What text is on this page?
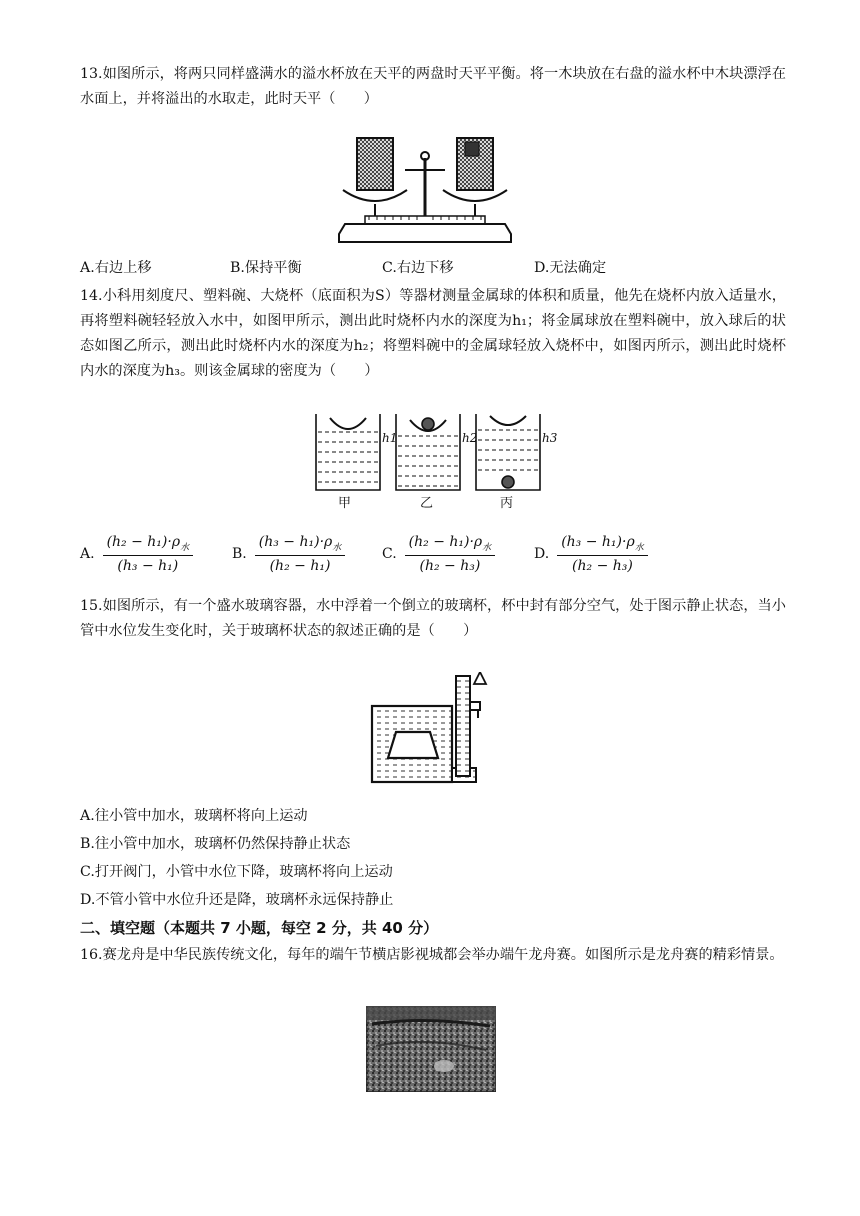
13.如图所示，将两只同样盛满水的溢水杯放在天平的两盘时天平平衡。将一木块放在右盘的溢水杯中木块漂浮在水面上，并将溢出的水取走，此时天平（　　）

A.右边上移	B.保持平衡	C.右边下移	D.无法确定

14.小科用刻度尺、塑料碗、大烧杯（底面积为S）等器材测量金属球的体积和质量，他先在烧杯内放入适量水，再将塑料碗轻轻放入水中，如图甲所示，测出此时烧杯内水的深度为h₁；将金属球放在塑料碗中，放入球后的状态如图乙所示，测出此时烧杯内水的深度为h₂；将塑料碗中的金属球轻放入烧杯中，如图丙所示，测出此时烧杯内水的深度为h₃。则该金属球的密度为（　　）

h1	h2	h3
甲	乙	丙
A. $\frac{(h_2 - h_1)\cdot\rho_水}{\text{(h₃ − h₁)}}$	B. $\frac{(h_3 - h_1)\cdot\rho_水}{\text{(h₂ − h₁)}}$	C. $\frac{(h_2 - h_1)\cdot\rho_水}{\text{(h₂ − h₃)}}$	D. $\frac{(h_3 - h_1)\cdot\rho_水}{\text{(h₂ − h₃)}}$

15.如图所示，有一个盛水玻璃容器，水中浮着一个倒立的玻璃杯，杯中封有部分空气，处于图示静止状态，当小管中水位发生变化时，关于玻璃杯状态的叙述正确的是（　　）

A.往小管中加水，玻璃杯将向上运动
B.往小管中加水，玻璃杯仍然保持静止状态
C.打开阀门，小管中水位下降，玻璃杯将向上运动
D.不管小管中水位升还是降，玻璃杯永远保持静止
二、填空题（本题共 7 小题，每空 2 分，共 40 分）

16.赛龙舟是中华民族传统文化，每年的端午节横店影视城都会举办端午龙舟赛。如图所示是龙舟赛的精彩情景。
